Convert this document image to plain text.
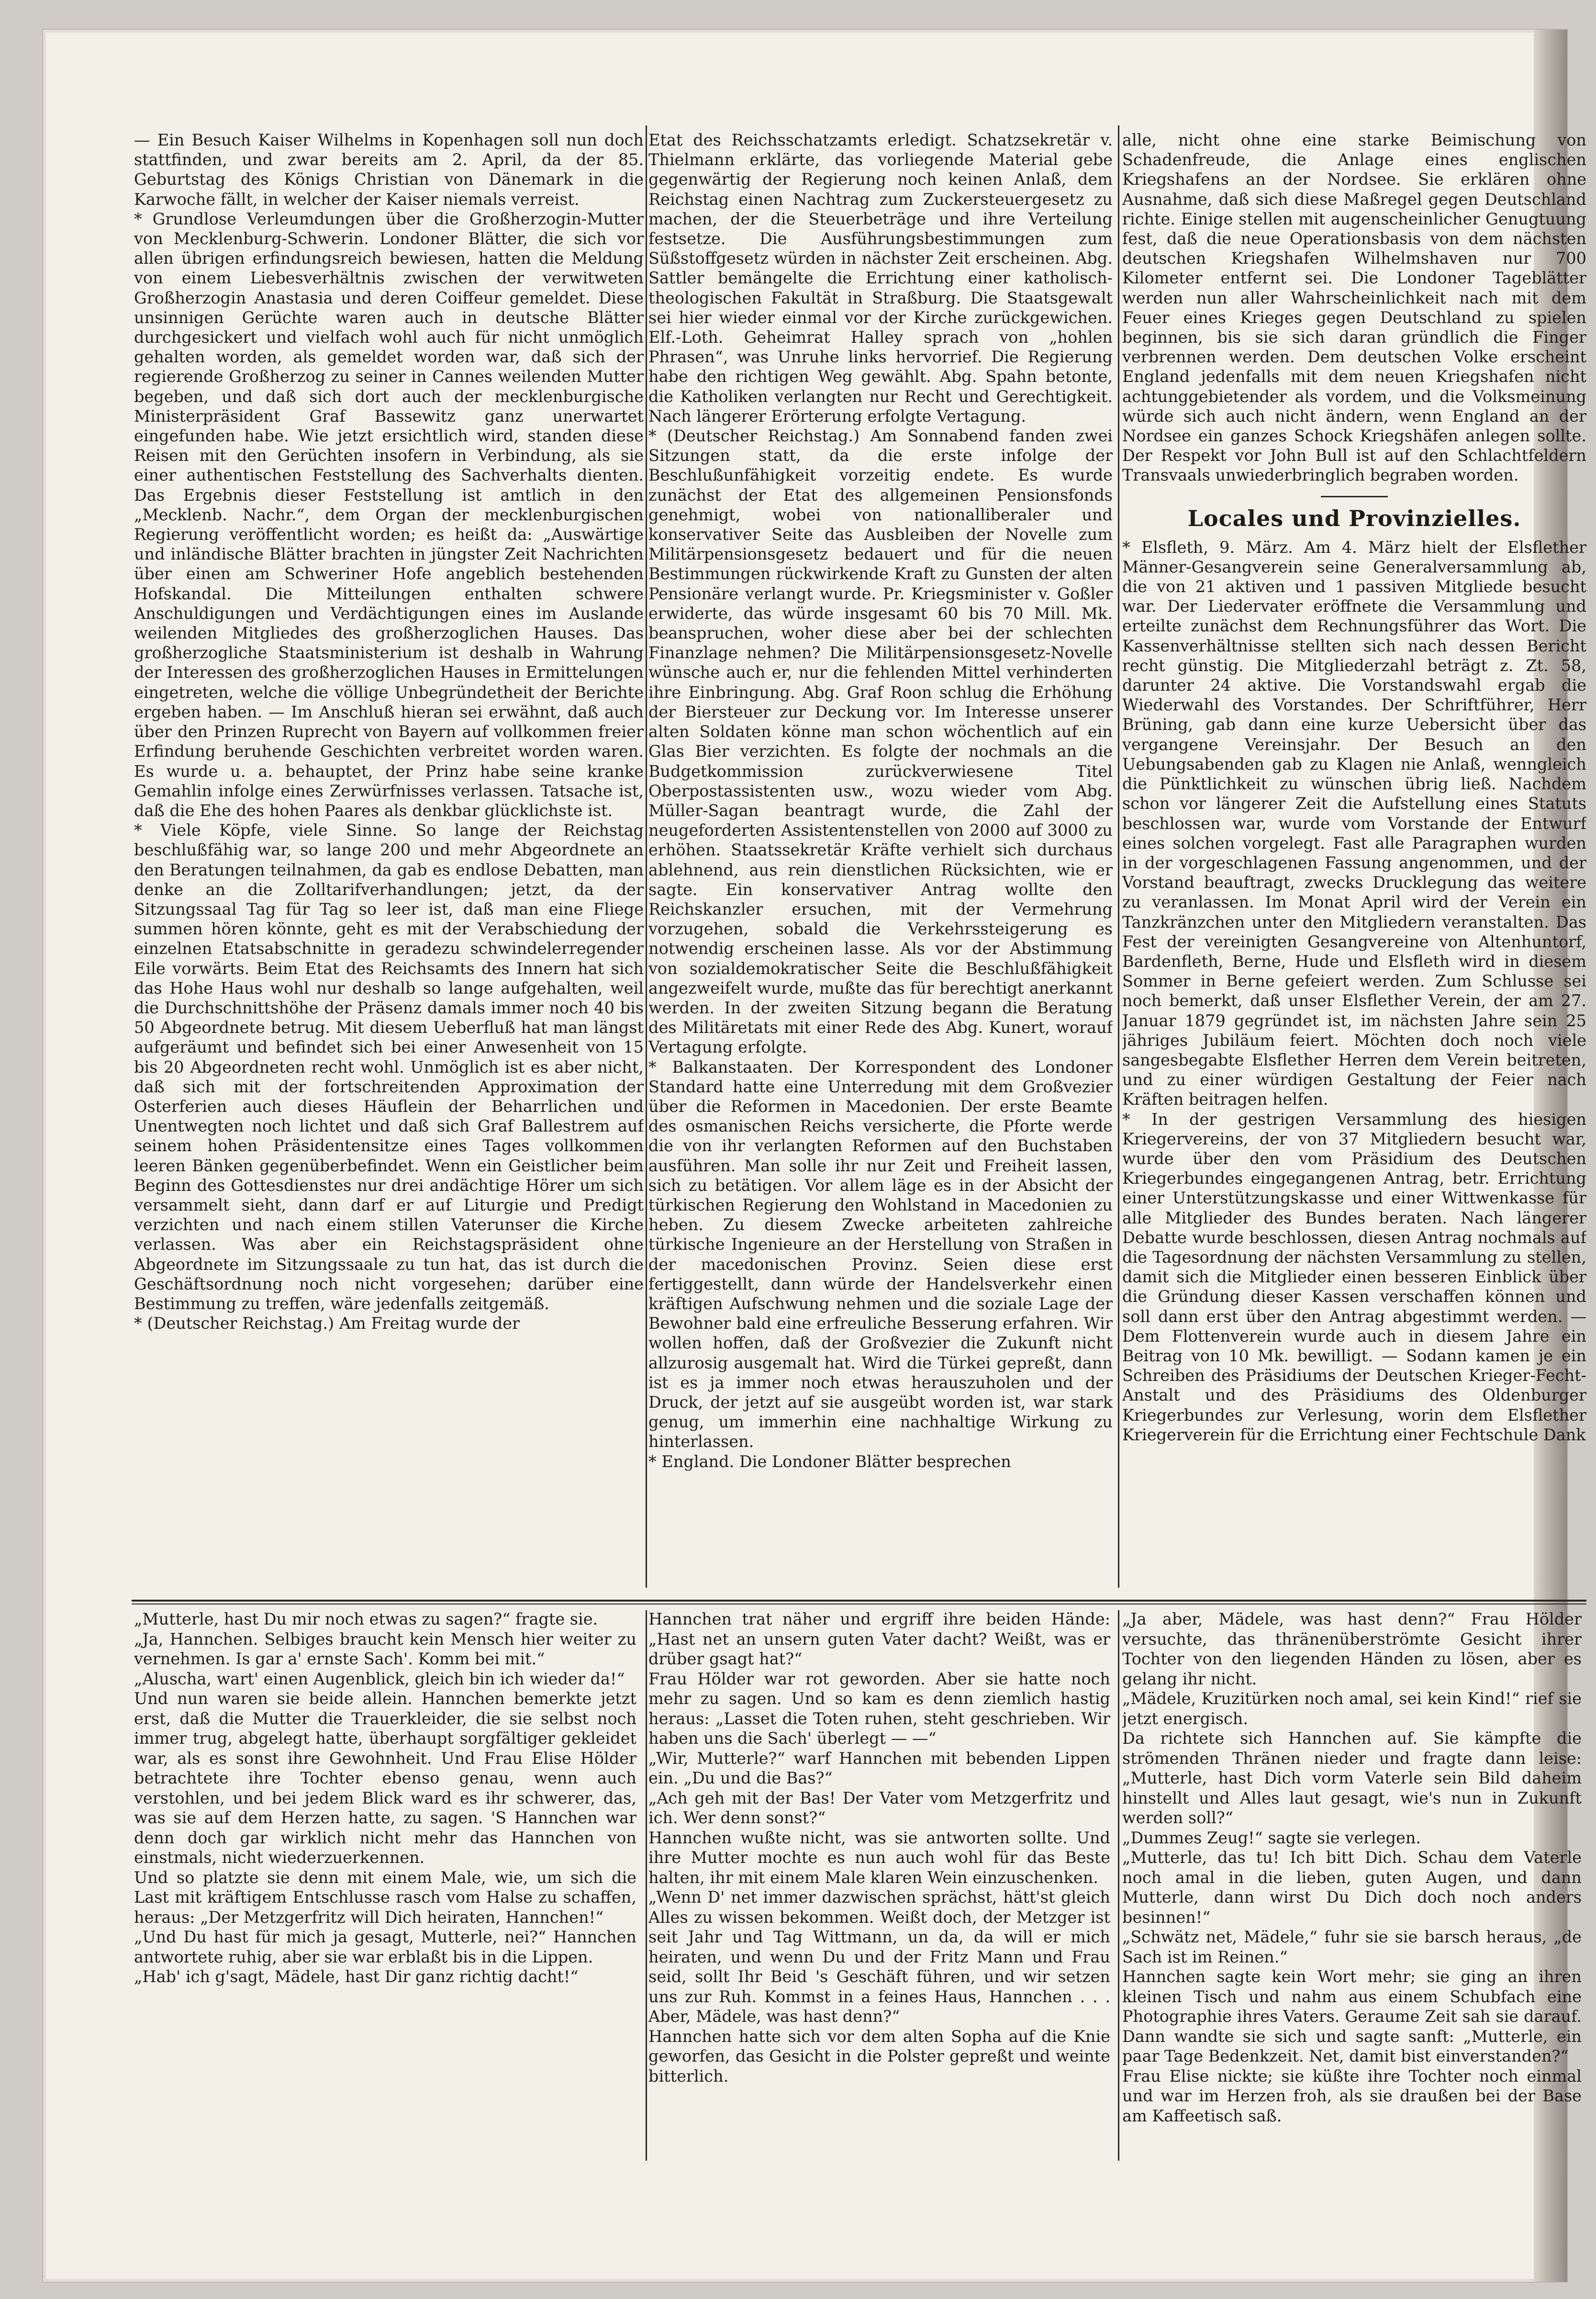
— Ein Besuch Kaiser Wilhelms in Kopenhagen soll nun doch stattfinden, und zwar bereits am 2. April, da der 85. Geburtstag des Königs Christian von Dänemark in die Karwoche fällt, in welcher der Kaiser niemals verreist.

* Grundlose Verleumdungen über die Großherzogin-Mutter von Mecklenburg-Schwerin. Londoner Blätter, die sich vor allen übrigen erfindungsreich bewiesen, hatten die Meldung von einem Liebesverhältnis zwischen der verwitweten Großherzogin Anastasia und deren Coiffeur gemeldet. Diese unsinnigen Gerüchte waren auch in deutsche Blätter durchgesickert und vielfach wohl auch für nicht unmöglich gehalten worden, als gemeldet worden war, daß sich der regierende Großherzog zu seiner in Cannes weilenden Mutter begeben, und daß sich dort auch der mecklenburgische Ministerpräsident Graf Bassewitz ganz unerwartet eingefunden habe. Wie jetzt ersichtlich wird, standen diese Reisen mit den Gerüchten insofern in Verbindung, als sie einer authentischen Feststellung des Sachverhalts dienten. Das Ergebnis dieser Feststellung ist amtlich in den „Mecklenb. Nachr.“, dem Organ der mecklenburgischen Regierung veröffentlicht worden; es heißt da: „Auswärtige und inländische Blätter brachten in jüngster Zeit Nachrichten über einen am Schweriner Hofe angeblich bestehenden Hofskandal. Die Mitteilungen enthalten schwere Anschuldigungen und Verdächtigungen eines im Auslande weilenden Mitgliedes des großherzoglichen Hauses. Das großherzogliche Staatsministerium ist deshalb in Wahrung der Interessen des großherzoglichen Hauses in Ermittelungen eingetreten, welche die völlige Unbegründetheit der Berichte ergeben haben. — Im Anschluß hieran sei erwähnt, daß auch über den Prinzen Ruprecht von Bayern auf vollkommen freier Erfindung beruhende Geschichten verbreitet worden waren. Es wurde u. a. behauptet, der Prinz habe seine kranke Gemahlin infolge eines Zerwürfnisses verlassen. Tatsache ist, daß die Ehe des hohen Paares als denkbar glücklichste ist.

* Viele Köpfe, viele Sinne. So lange der Reichstag beschlußfähig war, so lange 200 und mehr Abgeordnete an den Beratungen teilnahmen, da gab es endlose Debatten, man denke an die Zolltarifverhandlungen; jetzt, da der Sitzungssaal Tag für Tag so leer ist, daß man eine Fliege summen hören könnte, geht es mit der Verabschiedung der einzelnen Etatsabschnitte in geradezu schwindelerregender Eile vorwärts. Beim Etat des Reichsamts des Innern hat sich das Hohe Haus wohl nur deshalb so lange aufgehalten, weil die Durchschnittshöhe der Präsenz damals immer noch 40 bis 50 Abgeordnete betrug. Mit diesem Ueberfluß hat man längst aufgeräumt und befindet sich bei einer Anwesenheit von 15 bis 20 Abgeordneten recht wohl. Unmöglich ist es aber nicht, daß sich mit der fortschreitenden Approximation der Osterferien auch dieses Häuflein der Beharrlichen und Unentwegten noch lichtet und daß sich Graf Ballestrem auf seinem hohen Präsidentensitze eines Tages vollkommen leeren Bänken gegenüberbefindet. Wenn ein Geistlicher beim Beginn des Gottesdienstes nur drei andächtige Hörer um sich versammelt sieht, dann darf er auf Liturgie und Predigt verzichten und nach einem stillen Vaterunser die Kirche verlassen. Was aber ein Reichstagspräsident ohne Abgeordnete im Sitzungssaale zu tun hat, das ist durch die Geschäftsordnung noch nicht vorgesehen; darüber eine Bestimmung zu treffen, wäre jedenfalls zeitgemäß.

* (Deutscher Reichstag.) Am Freitag wurde der

Etat des Reichsschatzamts erledigt. Schatzsekretär v. Thielmann erklärte, das vorliegende Material gebe gegenwärtig der Regierung noch keinen Anlaß, dem Reichstag einen Nachtrag zum Zuckersteuergesetz zu machen, der die Steuerbeträge und ihre Verteilung festsetze. Die Ausführungsbestimmungen zum Süßstoffgesetz würden in nächster Zeit erscheinen. Abg. Sattler bemängelte die Errichtung einer katholisch-theologischen Fakultät in Straßburg. Die Staatsgewalt sei hier wieder einmal vor der Kirche zurückgewichen. Elf.-Loth. Geheimrat Halley sprach von „hohlen Phrasen“, was Unruhe links hervorrief. Die Regierung habe den richtigen Weg gewählt. Abg. Spahn betonte, die Katholiken verlangten nur Recht und Gerechtigkeit. Nach längerer Erörterung erfolgte Vertagung.

* (Deutscher Reichstag.) Am Sonnabend fanden zwei Sitzungen statt, da die erste infolge der Beschlußunfähigkeit vorzeitig endete. Es wurde zunächst der Etat des allgemeinen Pensionsfonds genehmigt, wobei von nationalliberaler und konservativer Seite das Ausbleiben der Novelle zum Militärpensionsgesetz bedauert und für die neuen Bestimmungen rückwirkende Kraft zu Gunsten der alten Pensionäre verlangt wurde. Pr. Kriegsminister v. Goßler erwiderte, das würde insgesamt 60 bis 70 Mill. Mk. beanspruchen, woher diese aber bei der schlechten Finanzlage nehmen? Die Militärpensionsgesetz-Novelle wünsche auch er, nur die fehlenden Mittel verhinderten ihre Einbringung. Abg. Graf Roon schlug die Erhöhung der Biersteuer zur Deckung vor. Im Interesse unserer alten Soldaten könne man schon wöchentlich auf ein Glas Bier verzichten. Es folgte der nochmals an die Budgetkommission zurückverwiesene Titel Oberpostassistenten usw., wozu wieder vom Abg. Müller-Sagan beantragt wurde, die Zahl der neugeforderten Assistentenstellen von 2000 auf 3000 zu erhöhen. Staatssekretär Kräfte verhielt sich durchaus ablehnend, aus rein dienstlichen Rücksichten, wie er sagte. Ein konservativer Antrag wollte den Reichskanzler ersuchen, mit der Vermehrung vorzugehen, sobald die Verkehrssteigerung es notwendig erscheinen lasse. Als vor der Abstimmung von sozialdemokratischer Seite die Beschlußfähigkeit angezweifelt wurde, mußte das für berechtigt anerkannt werden. In der zweiten Sitzung begann die Beratung des Militäretats mit einer Rede des Abg. Kunert, worauf Vertagung erfolgte.

* Balkanstaaten. Der Korrespondent des Londoner Standard hatte eine Unterredung mit dem Großvezier über die Reformen in Macedonien. Der erste Beamte des osmanischen Reichs versicherte, die Pforte werde die von ihr verlangten Reformen auf den Buchstaben ausführen. Man solle ihr nur Zeit und Freiheit lassen, sich zu betätigen. Vor allem läge es in der Absicht der türkischen Regierung den Wohlstand in Macedonien zu heben. Zu diesem Zwecke arbeiteten zahlreiche türkische Ingenieure an der Herstellung von Straßen in der macedonischen Provinz. Seien diese erst fertiggestellt, dann würde der Handelsverkehr einen kräftigen Aufschwung nehmen und die soziale Lage der Bewohner bald eine erfreuliche Besserung erfahren. Wir wollen hoffen, daß der Großvezier die Zukunft nicht allzurosig ausgemalt hat. Wird die Türkei gepreßt, dann ist es ja immer noch etwas herauszuholen und der Druck, der jetzt auf sie ausgeübt worden ist, war stark genug, um immerhin eine nachhaltige Wirkung zu hinterlassen.

* England. Die Londoner Blätter besprechen

alle, nicht ohne eine starke Beimischung von Schadenfreude, die Anlage eines englischen Kriegshafens an der Nordsee. Sie erklären ohne Ausnahme, daß sich diese Maßregel gegen Deutschland richte. Einige stellen mit augenscheinlicher Genugtuung fest, daß die neue Operationsbasis von dem nächsten deutschen Kriegshafen Wilhelmshaven nur 700 Kilometer entfernt sei. Die Londoner Tageblätter werden nun aller Wahrscheinlichkeit nach mit dem Feuer eines Krieges gegen Deutschland zu spielen beginnen, bis sie sich daran gründlich die Finger verbrennen werden. Dem deutschen Volke erscheint England jedenfalls mit dem neuen Kriegshafen nicht achtunggebietender als vordem, und die Volksmeinung würde sich auch nicht ändern, wenn England an der Nordsee ein ganzes Schock Kriegshäfen anlegen sollte. Der Respekt vor John Bull ist auf den Schlachtfeldern Transvaals unwiederbringlich begraben worden.

Locales und Provinzielles.

* Elsfleth, 9. März. Am 4. März hielt der Elsflether Männer-Gesangverein seine Generalversammlung ab, die von 21 aktiven und 1 passiven Mitgliede besucht war. Der Liedervater eröffnete die Versammlung und erteilte zunächst dem Rechnungsführer das Wort. Die Kassenverhältnisse stellten sich nach dessen Bericht recht günstig. Die Mitgliederzahl beträgt z. Zt. 58, darunter 24 aktive. Die Vorstandswahl ergab die Wiederwahl des Vorstandes. Der Schriftführer, Herr Brüning, gab dann eine kurze Uebersicht über das vergangene Vereinsjahr. Der Besuch an den Uebungsabenden gab zu Klagen nie Anlaß, wenngleich die Pünktlichkeit zu wünschen übrig ließ. Nachdem schon vor längerer Zeit die Aufstellung eines Statuts beschlossen war, wurde vom Vorstande der Entwurf eines solchen vorgelegt. Fast alle Paragraphen wurden in der vorgeschlagenen Fassung angenommen, und der Vorstand beauftragt, zwecks Drucklegung das weitere zu veranlassen. Im Monat April wird der Verein ein Tanzkränzchen unter den Mitgliedern veranstalten. Das Fest der vereinigten Gesangvereine von Altenhuntorf, Bardenfleth, Berne, Hude und Elsfleth wird in diesem Sommer in Berne gefeiert werden. Zum Schlusse sei noch bemerkt, daß unser Elsflether Verein, der am 27. Januar 1879 gegründet ist, im nächsten Jahre sein 25 jähriges Jubiläum feiert. Möchten doch noch viele sangesbegabte Elsflether Herren dem Verein beitreten, und zu einer würdigen Gestaltung der Feier nach Kräften beitragen helfen.

* In der gestrigen Versammlung des hiesigen Kriegervereins, der von 37 Mitgliedern besucht war, wurde über den vom Präsidium des Deutschen Kriegerbundes eingegangenen Antrag, betr. Errichtung einer Unterstützungskasse und einer Wittwenkasse für alle Mitglieder des Bundes beraten. Nach längerer Debatte wurde beschlossen, diesen Antrag nochmals auf die Tagesordnung der nächsten Versammlung zu stellen, damit sich die Mitglieder einen besseren Einblick über die Gründung dieser Kassen verschaffen können und soll dann erst über den Antrag abgestimmt werden. — Dem Flottenverein wurde auch in diesem Jahre ein Beitrag von 10 Mk. bewilligt. — Sodann kamen je ein Schreiben des Präsidiums der Deutschen Krieger-Fecht-Anstalt und des Präsidiums des Oldenburger Kriegerbundes zur Verlesung, worin dem Elsflether Kriegerverein für die Errichtung einer Fechtschule Dank

„Mutterle, hast Du mir noch etwas zu sagen?“ fragte sie.

„Ja, Hannchen. Selbiges braucht kein Mensch hier weiter zu vernehmen. Is gar a' ernste Sach'. Komm bei mit.“

„Aluscha, wart' einen Augenblick, gleich bin ich wieder da!“

Und nun waren sie beide allein. Hannchen bemerkte jetzt erst, daß die Mutter die Trauerkleider, die sie selbst noch immer trug, abgelegt hatte, überhaupt sorgfältiger gekleidet war, als es sonst ihre Gewohnheit. Und Frau Elise Hölder betrachtete ihre Tochter ebenso genau, wenn auch verstohlen, und bei jedem Blick ward es ihr schwerer, das, was sie auf dem Herzen hatte, zu sagen. 'S Hannchen war denn doch gar wirklich nicht mehr das Hannchen von einstmals, nicht wiederzuerkennen.

Und so platzte sie denn mit einem Male, wie, um sich die Last mit kräftigem Entschlusse rasch vom Halse zu schaffen, heraus: „Der Metzgerfritz will Dich heiraten, Hannchen!“

„Und Du hast für mich ja gesagt, Mutterle, nei?“ Hannchen antwortete ruhig, aber sie war erblaßt bis in die Lippen.

„Hab' ich g'sagt, Mädele, hast Dir ganz richtig dacht!“

Hannchen trat näher und ergriff ihre beiden Hände: „Hast net an unsern guten Vater dacht? Weißt, was er drüber gsagt hat?“

Frau Hölder war rot geworden. Aber sie hatte noch mehr zu sagen. Und so kam es denn ziemlich hastig heraus: „Lasset die Toten ruhen, steht geschrieben. Wir haben uns die Sach' überlegt — —“

„Wir, Mutterle?“ warf Hannchen mit bebenden Lippen ein. „Du und die Bas?“

„Ach geh mit der Bas! Der Vater vom Metzgerfritz und ich. Wer denn sonst?“

Hannchen wußte nicht, was sie antworten sollte. Und ihre Mutter mochte es nun auch wohl für das Beste halten, ihr mit einem Male klaren Wein einzuschenken.

„Wenn D' net immer dazwischen sprächst, hätt'st gleich Alles zu wissen bekommen. Weißt doch, der Metzger ist seit Jahr und Tag Wittmann, un da, da will er mich heiraten, und wenn Du und der Fritz Mann und Frau seid, sollt Ihr Beid 's Geschäft führen, und wir setzen uns zur Ruh. Kommst in a feines Haus, Hannchen . . . Aber, Mädele, was hast denn?“

Hannchen hatte sich vor dem alten Sopha auf die Knie geworfen, das Gesicht in die Polster gepreßt und weinte bitterlich.

„Ja aber, Mädele, was hast denn?“ Frau Hölder versuchte, das thränenüberströmte Gesicht ihrer Tochter von den liegenden Händen zu lösen, aber es gelang ihr nicht.

„Mädele, Kruzitürken noch amal, sei kein Kind!“ rief sie jetzt energisch.

Da richtete sich Hannchen auf. Sie kämpfte die strömenden Thränen nieder und fragte dann leise: „Mutterle, hast Dich vorm Vaterle sein Bild daheim hinstellt und Alles laut gesagt, wie's nun in Zukunft werden soll?“

„Dummes Zeug!“ sagte sie verlegen.

„Mutterle, das tu! Ich bitt Dich. Schau dem Vaterle noch amal in die lieben, guten Augen, und dann Mutterle, dann wirst Du Dich doch noch anders besinnen!“

„Schwätz net, Mädele,“ fuhr sie sie barsch heraus, „de Sach ist im Reinen.“

Hannchen sagte kein Wort mehr; sie ging an ihren kleinen Tisch und nahm aus einem Schubfach eine Photographie ihres Vaters. Geraume Zeit sah sie darauf. Dann wandte sie sich und sagte sanft: „Mutterle, ein paar Tage Bedenkzeit. Net, damit bist einverstanden?“

Frau Elise nickte; sie küßte ihre Tochter noch einmal und war im Herzen froh, als sie draußen bei der Base am Kaffeetisch saß.
